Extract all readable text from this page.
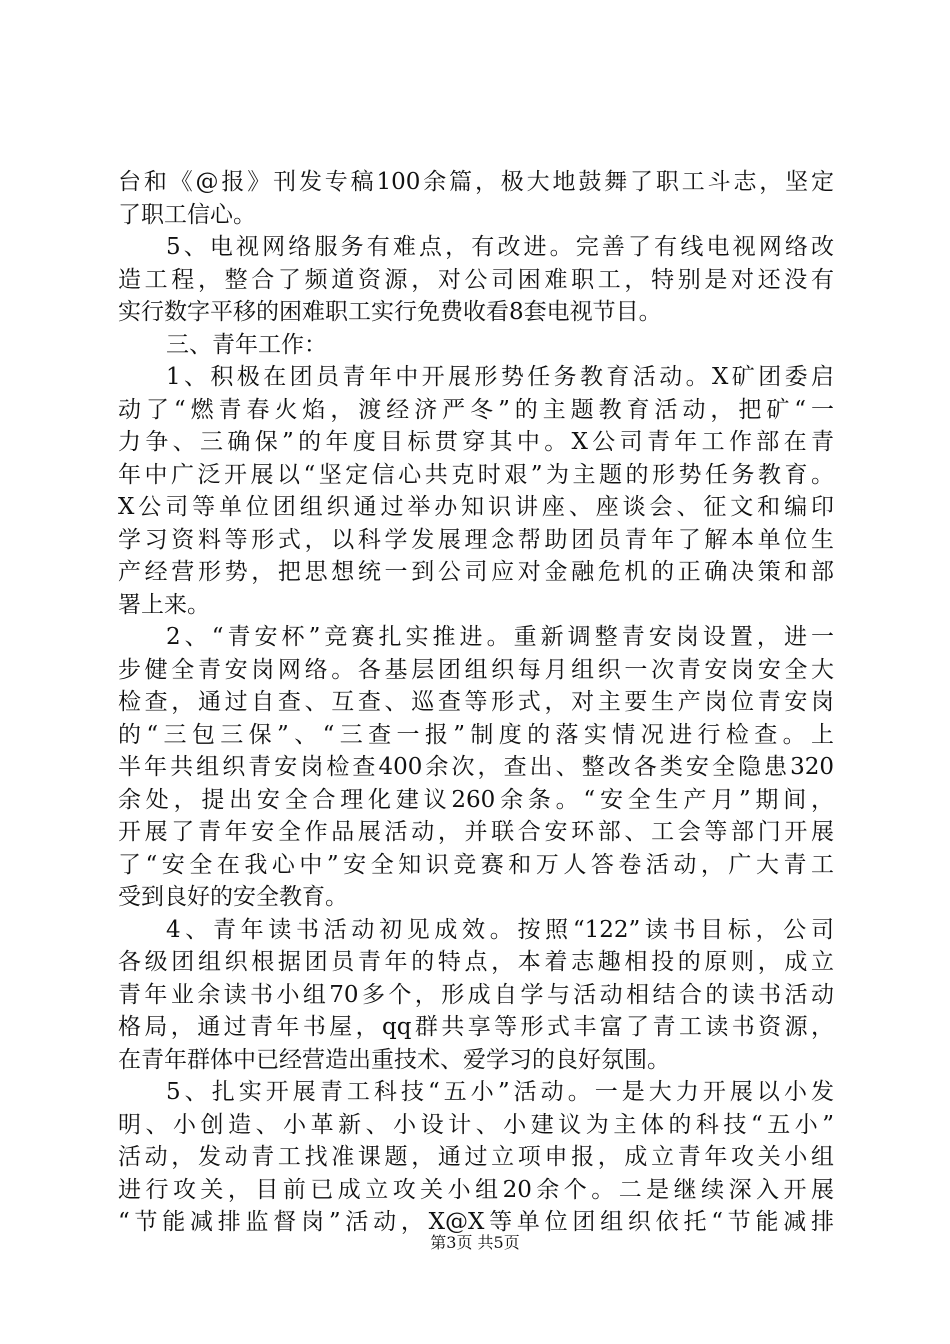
台和《@报》刊发专稿100余篇，极大地鼓舞了职工斗志，坚定
了职工信心。
5、电视网络服务有难点，有改进。完善了有线电视网络改
造工程，整合了频道资源，对公司困难职工，特别是对还没有
实行数字平移的困难职工实行免费收看8套电视节目。
三、青年工作：
1、积极在团员青年中开展形势任务教育活动。X矿团委启
动了“燃青春火焰，渡经济严冬”的主题教育活动，把矿“一
力争、三确保”的年度目标贯穿其中。X公司青年工作部在青
年中广泛开展以“坚定信心共克时艰”为主题的形势任务教育。
X公司等单位团组织通过举办知识讲座、座谈会、征文和编印
学习资料等形式，以科学发展理念帮助团员青年了解本单位生
产经营形势，把思想统一到公司应对金融危机的正确决策和部
署上来。
2、“青安杯”竞赛扎实推进。重新调整青安岗设置，进一
步健全青安岗网络。各基层团组织每月组织一次青安岗安全大
检查，通过自查、互查、巡查等形式，对主要生产岗位青安岗
的“三包三保”、“三查一报”制度的落实情况进行检查。上
半年共组织青安岗检查400余次，查出、整改各类安全隐患320
余处，提出安全合理化建议260余条。“安全生产月”期间，
开展了青年安全作品展活动，并联合安环部、工会等部门开展
了“安全在我心中”安全知识竞赛和万人答卷活动，广大青工
受到良好的安全教育。
4、青年读书活动初见成效。按照“122”读书目标，公司
各级团组织根据团员青年的特点，本着志趣相投的原则，成立
青年业余读书小组70多个，形成自学与活动相结合的读书活动
格局，通过青年书屋，qq群共享等形式丰富了青工读书资源，
在青年群体中已经营造出重技术、爱学习的良好氛围。
5、扎实开展青工科技“五小”活动。一是大力开展以小发
明、小创造、小革新、小设计、小建议为主体的科技“五小”
活动，发动青工找准课题，通过立项申报，成立青年攻关小组
进行攻关，目前已成立攻关小组20余个。二是继续深入开展
“节能减排监督岗”活动，X@X等单位团组织依托“节能减排
第3页 共5页
